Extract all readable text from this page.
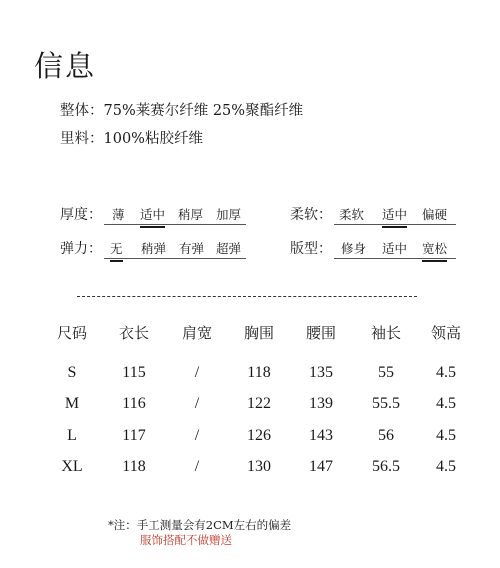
信息
整体：75%莱赛尔纤维 25%聚酯纤维
里料：100%粘胶纤维
厚度： 薄 适中 稍厚 加厚	柔软： 柔软 适中 偏硬
弹力： 无 稍弹 有弹 超弹	版型： 修身 适中 宽松
尺码	衣长	肩宽	胸围	腰围	袖长	领高
S	115	/	118	135	55	4.5
M	116	/	122	139	55.5	4.5
L	117	/	126	143	56	4.5
XL	118	/	130	147	56.5	4.5
*注：手工测量会有2CM左右的偏差
服饰搭配不做赠送
